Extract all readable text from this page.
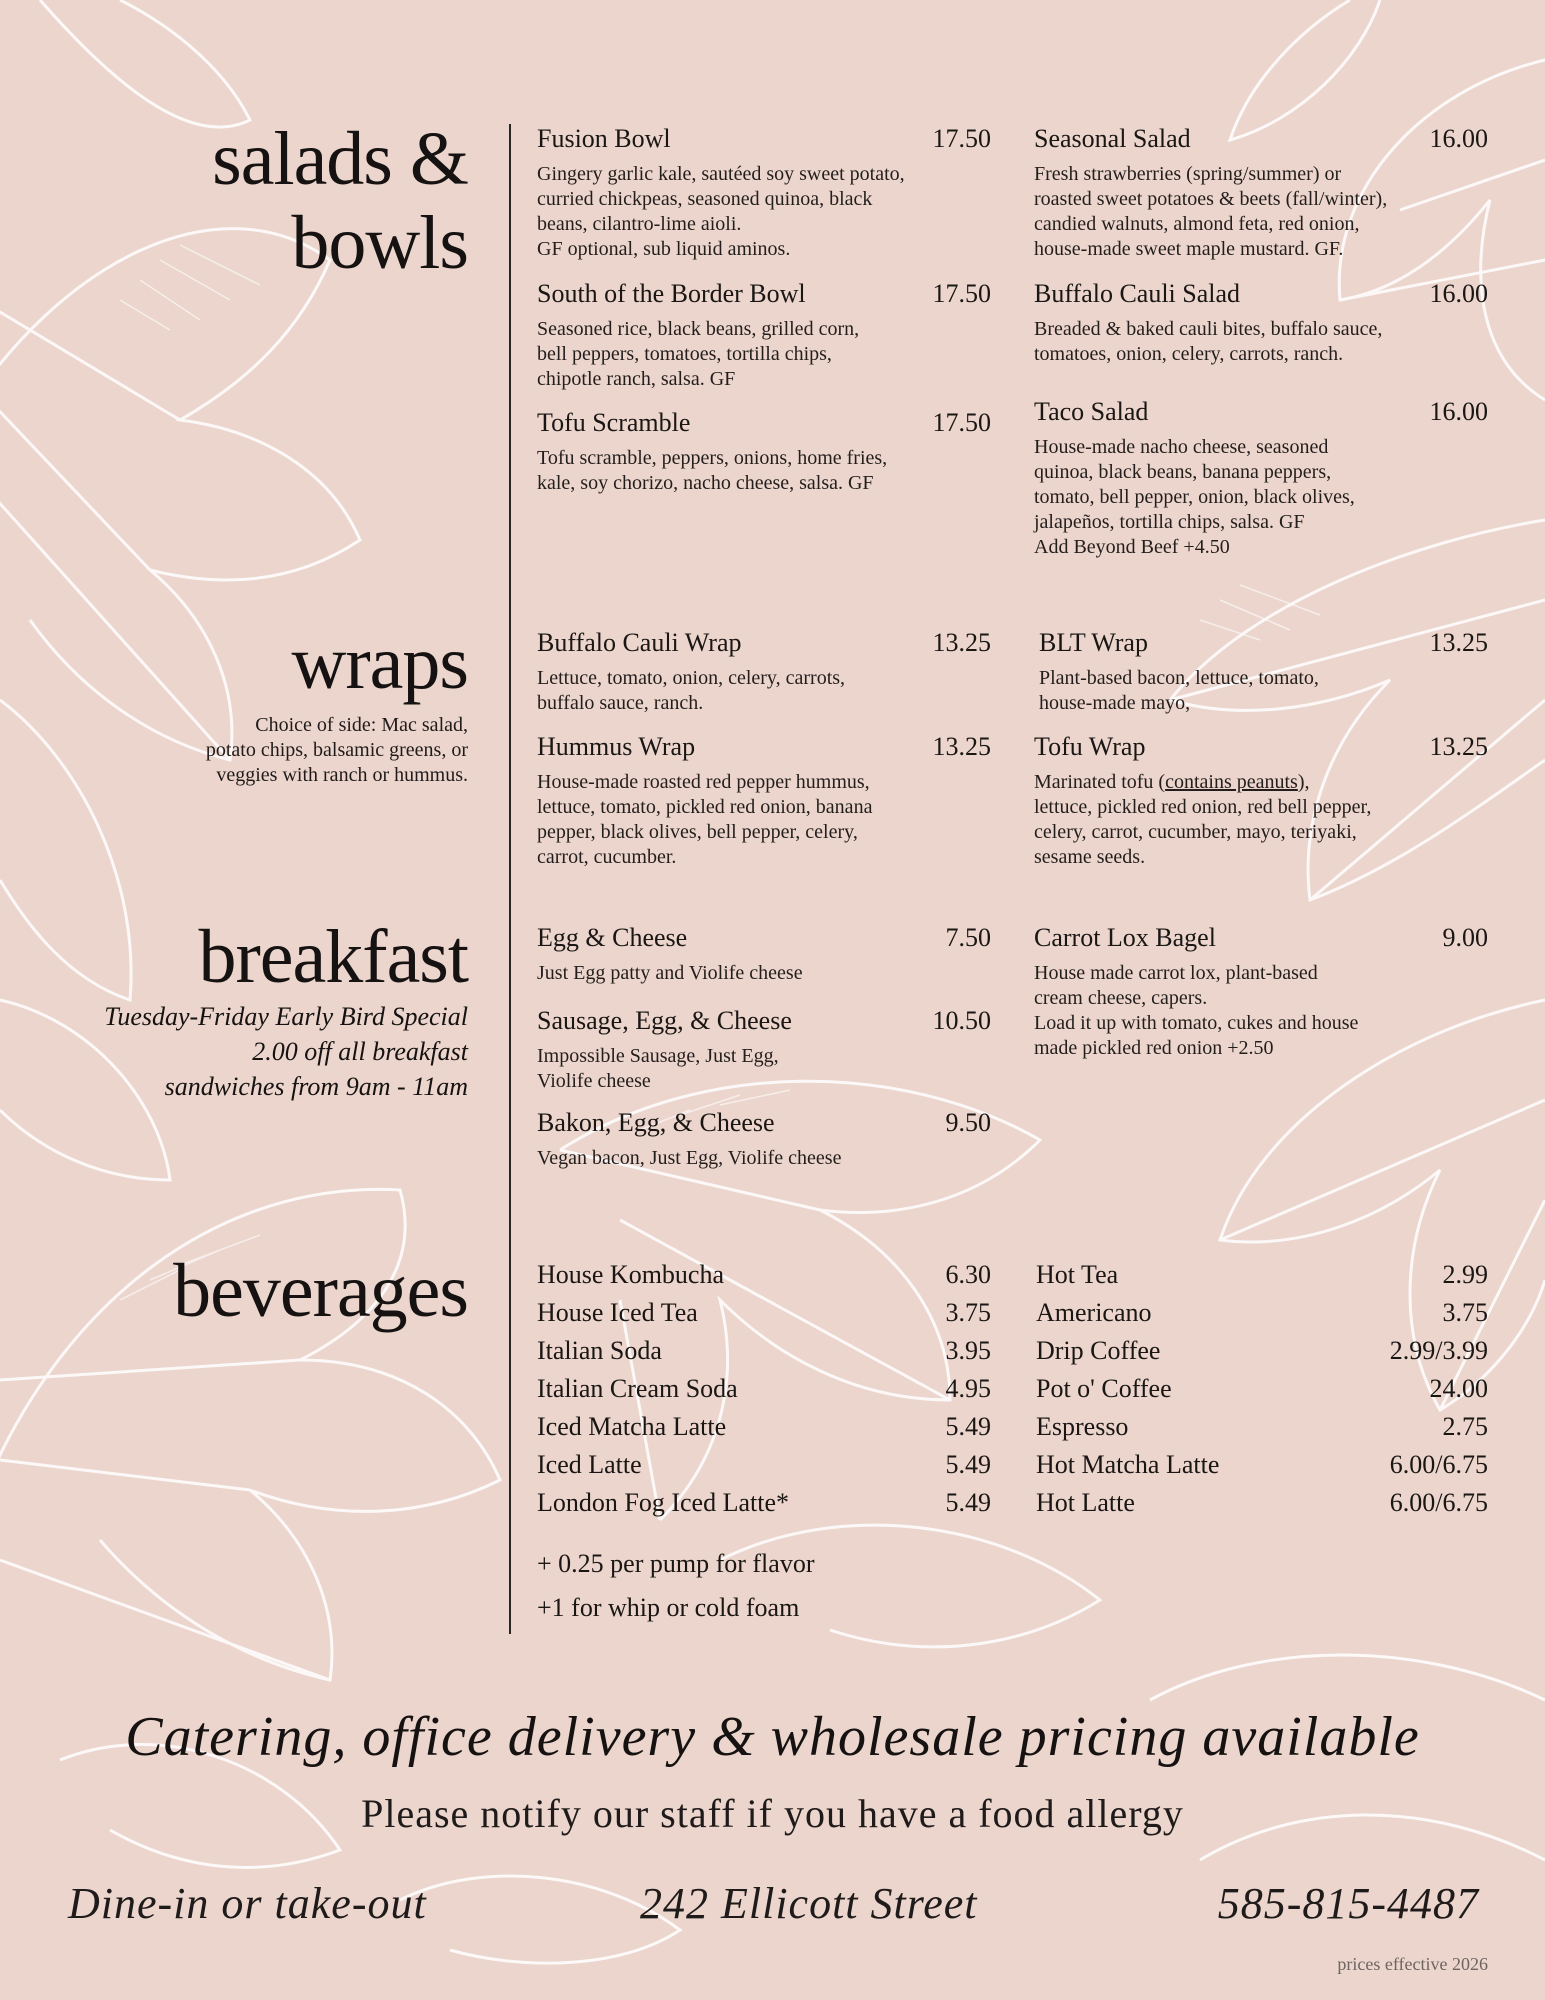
salads &
bowls
Fusion Bowl	17.50
Gingery garlic kale, sautéed soy sweet potato,
curried chickpeas, seasoned quinoa, black
beans, cilantro-lime aioli.
GF optional, sub liquid aminos.
South of the Border Bowl	17.50
Seasoned rice, black beans, grilled corn,
bell peppers, tomatoes, tortilla chips,
chipotle ranch, salsa. GF
Tofu Scramble	17.50
Tofu scramble, peppers, onions, home fries,
kale, soy chorizo, nacho cheese, salsa. GF
Seasonal Salad	16.00
Fresh strawberries (spring/summer) or
roasted sweet potatoes & beets (fall/winter),
candied walnuts, almond feta, red onion,
house-made sweet maple mustard. GF.
Buffalo Cauli Salad	16.00
Breaded & baked cauli bites, buffalo sauce,
tomatoes, onion, celery, carrots, ranch.
Taco Salad	16.00
House-made nacho cheese, seasoned
quinoa, black beans, banana peppers,
tomato, bell pepper, onion, black olives,
jalapeños, tortilla chips, salsa. GF
Add Beyond Beef +4.50
wraps
Choice of side: Mac salad,
potato chips, balsamic greens, or
veggies with ranch or hummus.
Buffalo Cauli Wrap	13.25
Lettuce, tomato, onion, celery, carrots,
buffalo sauce, ranch.
Hummus Wrap	13.25
House-made roasted red pepper hummus,
lettuce, tomato, pickled red onion, banana
pepper, black olives, bell pepper, celery,
carrot, cucumber.
BLT Wrap	13.25
Plant-based bacon, lettuce, tomato,
house-made mayo,
Tofu Wrap	13.25
Marinated tofu (contains peanuts),
lettuce, pickled red onion, red bell pepper,
celery, carrot, cucumber, mayo, teriyaki,
sesame seeds.
breakfast
Tuesday-Friday Early Bird Special
2.00 off all breakfast
sandwiches from 9am - 11am
Egg & Cheese	7.50
Just Egg patty and Violife cheese
Sausage, Egg, & Cheese	10.50
Impossible Sausage, Just Egg,
Violife cheese
Bakon, Egg, & Cheese	9.50
Vegan bacon, Just Egg, Violife cheese
Carrot Lox Bagel	9.00
House made carrot lox, plant-based
cream cheese, capers.
Load it up with tomato, cukes and house
made pickled red onion +2.50
beverages	House Kombucha	6.30
House Iced Tea	3.75
Italian Soda	3.95
Italian Cream Soda	4.95
Iced Matcha Latte	5.49
Iced Latte	5.49
London Fog Iced Latte*	5.49
+ 0.25 per pump for flavor
+1 for whip or cold foam
Hot Tea	2.99
Americano	3.75
Drip Coffee	2.99/3.99
Pot o' Coffee	24.00
Espresso	2.75
Hot Matcha Latte	6.00/6.75
Hot Latte	6.00/6.75
Catering, office delivery & wholesale pricing available
Please notify our staff if you have a food allergy
Dine-in or take-out	242 Ellicott Street	585-815-4487
prices effective 2026
